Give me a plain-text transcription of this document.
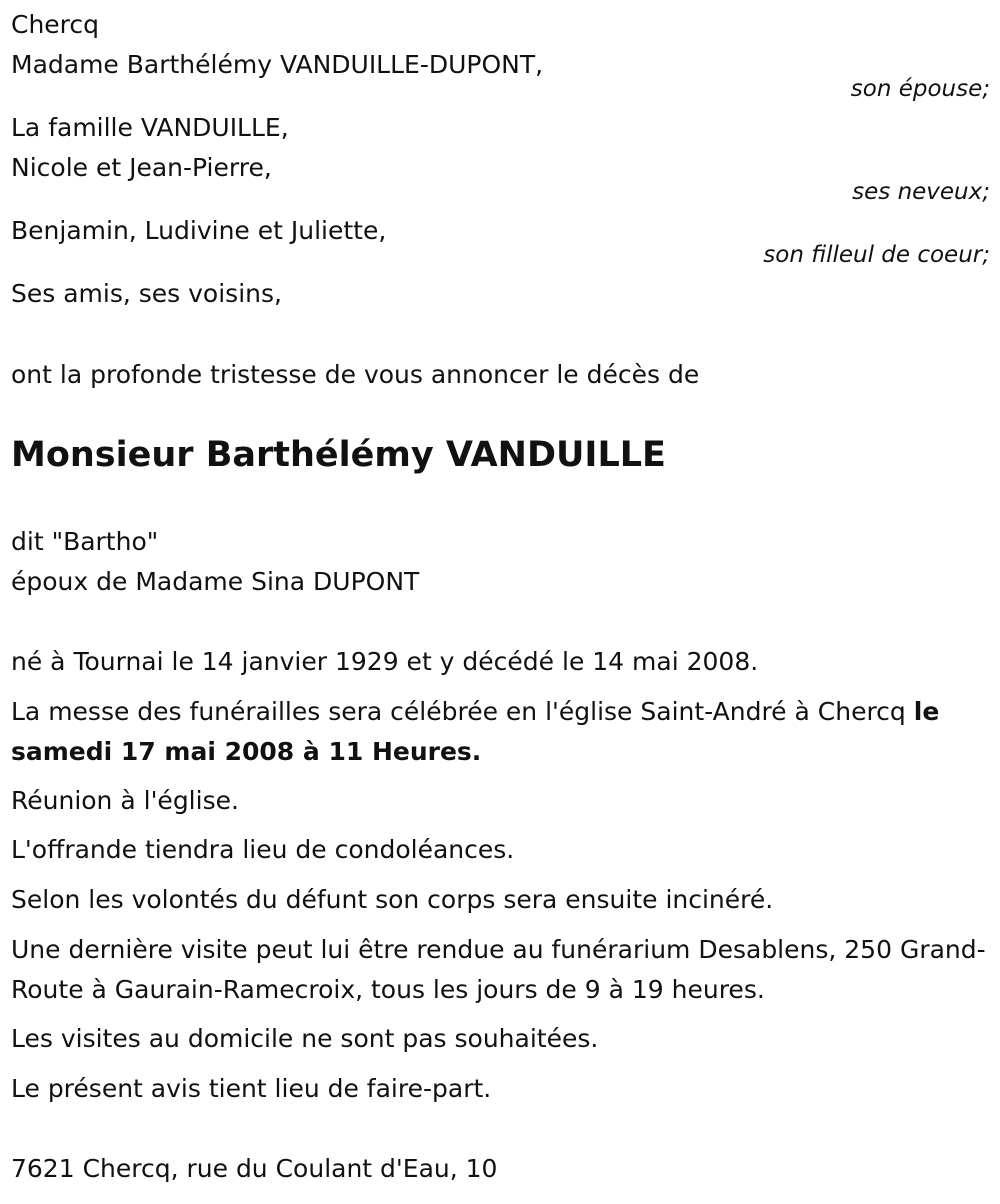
Chercq
Madame Barthélémy VANDUILLE-DUPONT,
son épouse;
La famille VANDUILLE,
Nicole et Jean-Pierre,
ses neveux;
Benjamin, Ludivine et Juliette,
son filleul de coeur;
Ses amis, ses voisins,
ont la profonde tristesse de vous annoncer le décès de
Monsieur Barthélémy VANDUILLE
dit "Bartho"
époux de Madame Sina DUPONT
né à Tournai le 14 janvier 1929 et y décédé le 14 mai 2008.
La messe des funérailles sera célébrée en l'église Saint-André à Chercq le samedi 17 mai 2008 à 11 Heures.
Réunion à l'église.
L'offrande tiendra lieu de condoléances.
Selon les volontés du défunt son corps sera ensuite incinéré.
Une dernière visite peut lui être rendue au funérarium Desablens, 250 Grand-Route à Gaurain-Ramecroix, tous les jours de 9 à 19 heures.
Les visites au domicile ne sont pas souhaitées.
Le présent avis tient lieu de faire-part.
7621 Chercq, rue du Coulant d'Eau, 10
